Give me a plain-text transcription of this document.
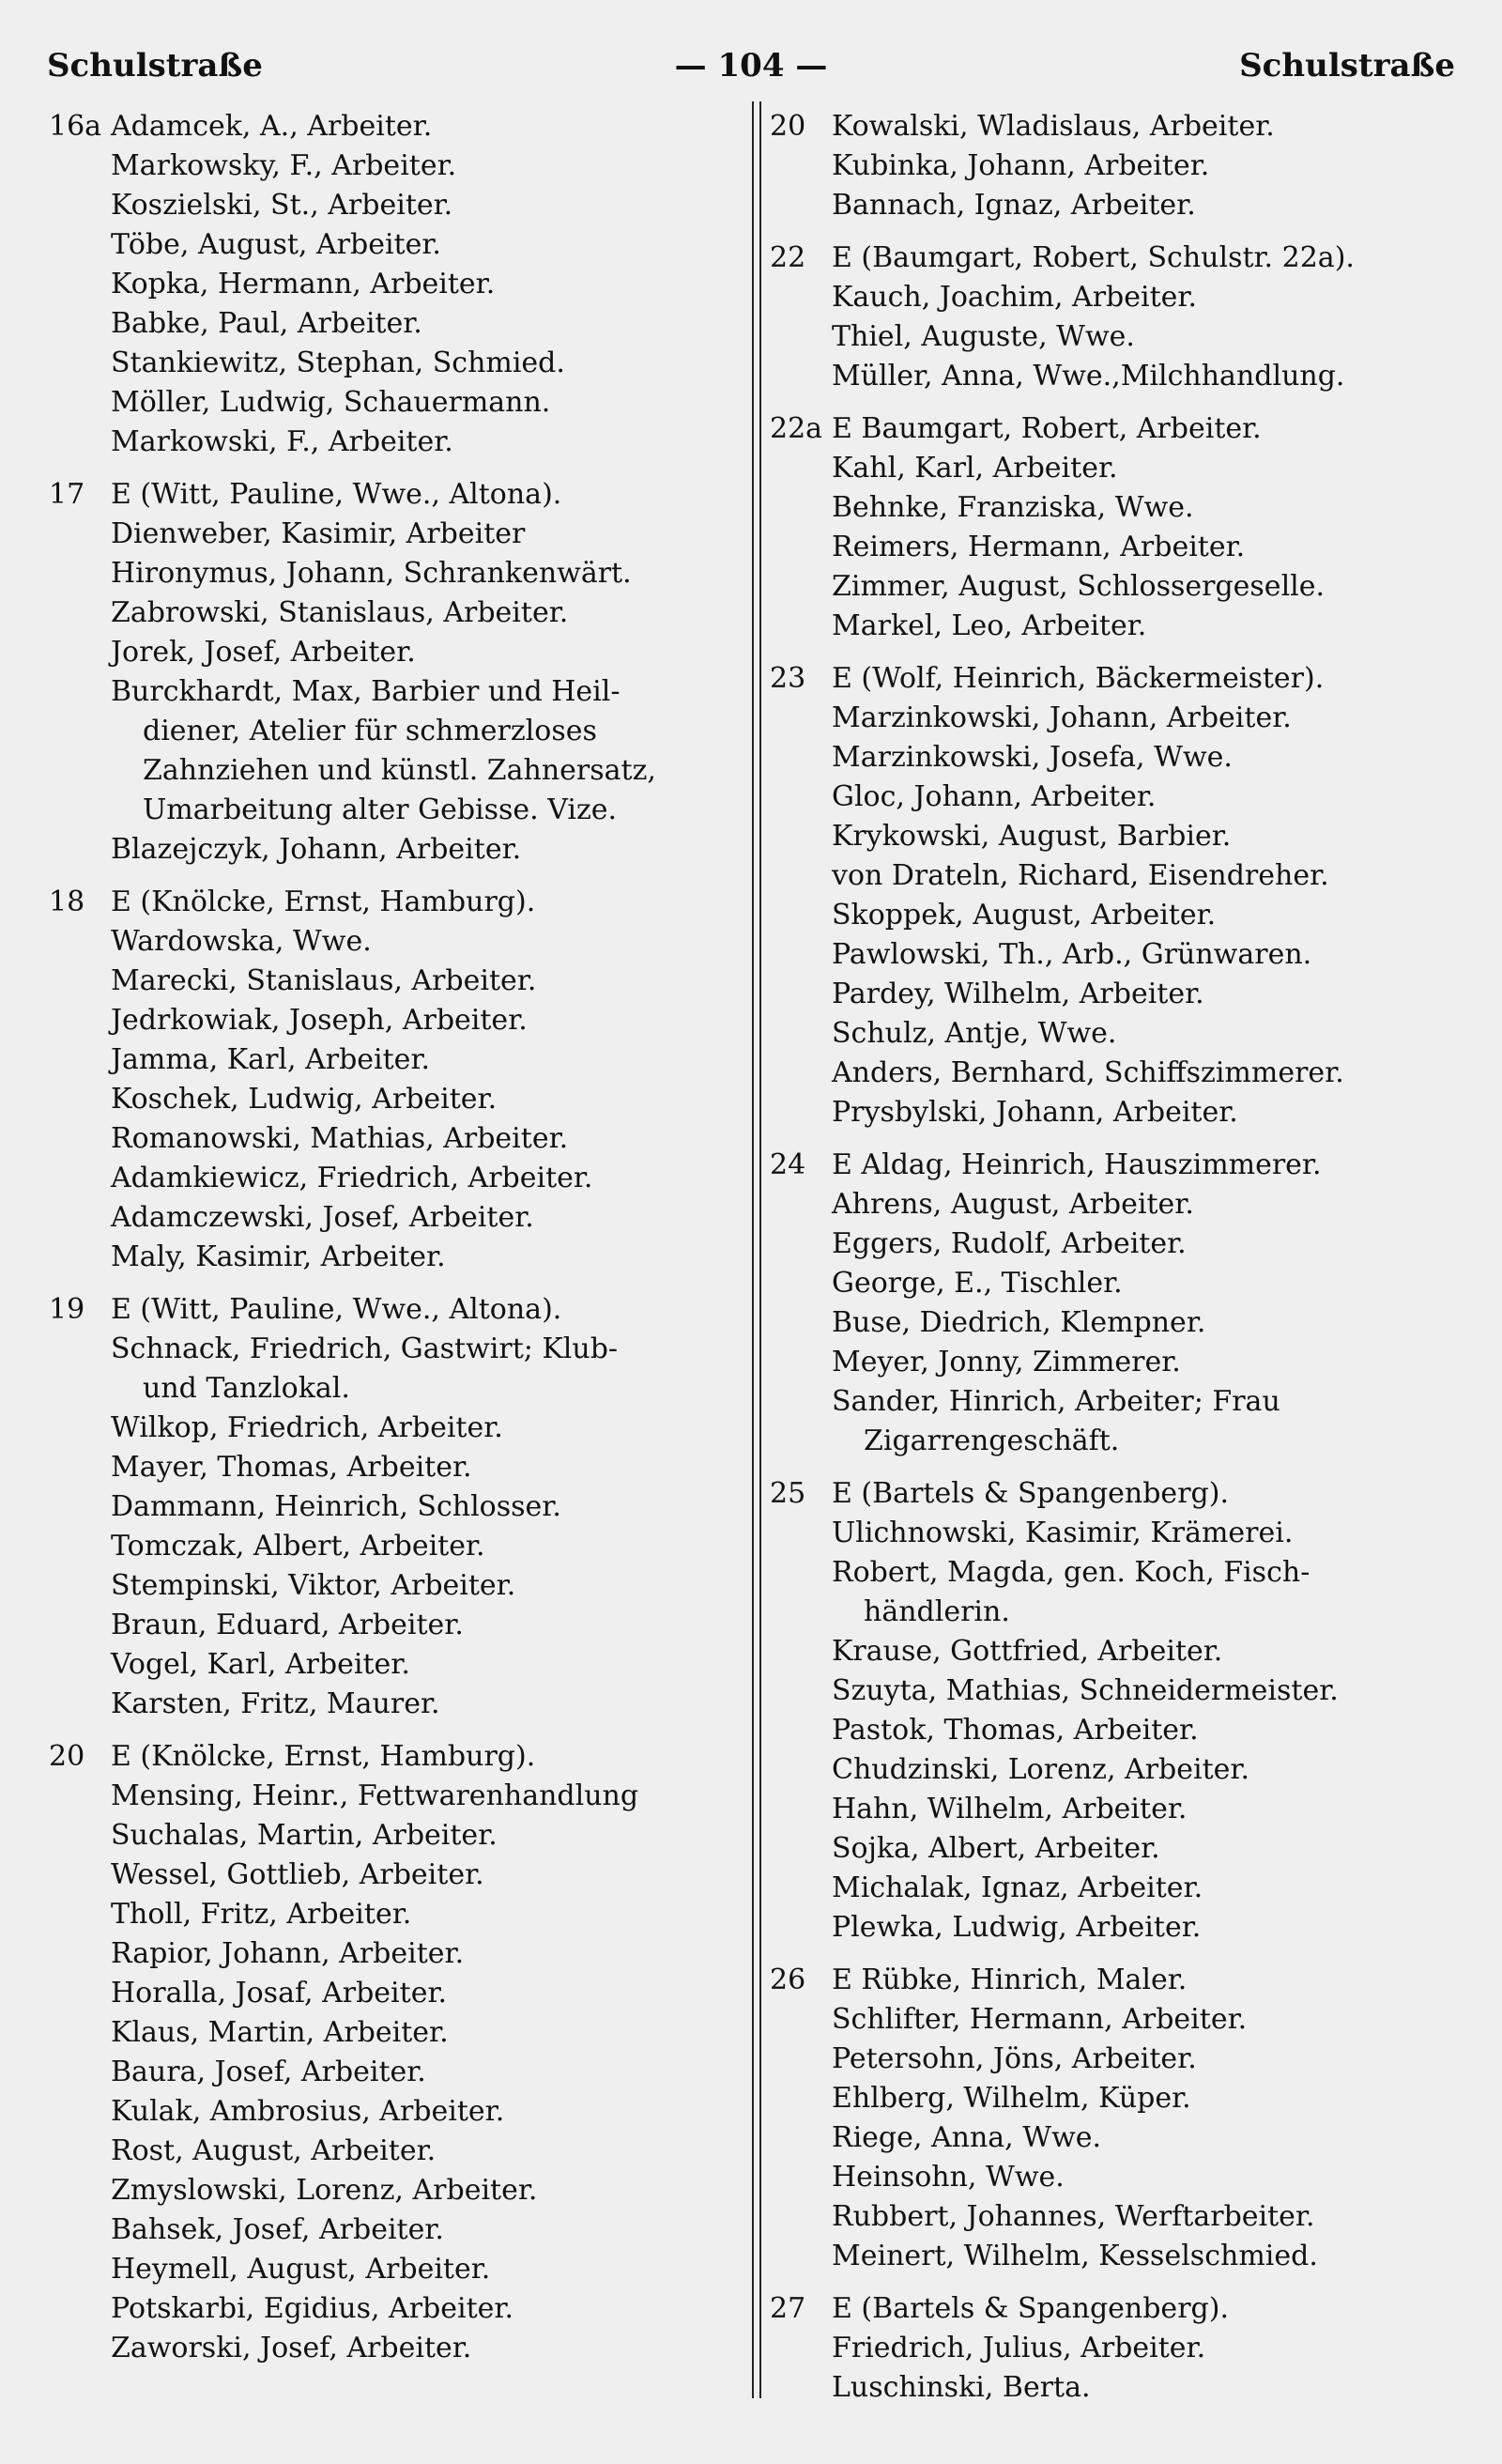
Schulstraße	— 104 —	Schulstraße
16a Adamcek, A., Arbeiter.
Markowsky, F., Arbeiter.
Koszielski, St., Arbeiter.
Töbe, August, Arbeiter.
Kopka, Hermann, Arbeiter.
Babke, Paul, Arbeiter.
Stankiewitz, Stephan, Schmied.
Möller, Ludwig, Schauermann.
Markowski, F., Arbeiter.
17 E (Witt, Pauline, Wwe., Altona).
Dienweber, Kasimir, Arbeiter
Hironymus, Johann, Schrankenwärt.
Zabrowski, Stanislaus, Arbeiter.
Jorek, Josef, Arbeiter.
Burckhardt, Max, Barbier und Heil-
diener, Atelier für schmerzloses
Zahnziehen und künstl. Zahnersatz,
Umarbeitung alter Gebisse. Vize.
Blazejczyk, Johann, Arbeiter.
18 E (Knölcke, Ernst, Hamburg).
Wardowska, Wwe.
Marecki, Stanislaus, Arbeiter.
Jedrkowiak, Joseph, Arbeiter.
Jamma, Karl, Arbeiter.
Koschek, Ludwig, Arbeiter.
Romanowski, Mathias, Arbeiter.
Adamkiewicz, Friedrich, Arbeiter.
Adamczewski, Josef, Arbeiter.
Maly, Kasimir, Arbeiter.
19 E (Witt, Pauline, Wwe., Altona).
Schnack, Friedrich, Gastwirt; Klub-
und Tanzlokal.
Wilkop, Friedrich, Arbeiter.
Mayer, Thomas, Arbeiter.
Dammann, Heinrich, Schlosser.
Tomczak, Albert, Arbeiter.
Stempinski, Viktor, Arbeiter.
Braun, Eduard, Arbeiter.
Vogel, Karl, Arbeiter.
Karsten, Fritz, Maurer.
20 E (Knölcke, Ernst, Hamburg).
Mensing, Heinr., Fettwarenhandlung
Suchalas, Martin, Arbeiter.
Wessel, Gottlieb, Arbeiter.
Tholl, Fritz, Arbeiter.
Rapior, Johann, Arbeiter.
Horalla, Josaf, Arbeiter.
Klaus, Martin, Arbeiter.
Baura, Josef, Arbeiter.
Kulak, Ambrosius, Arbeiter.
Rost, August, Arbeiter.
Zmyslowski, Lorenz, Arbeiter.
Bahsek, Josef, Arbeiter.
Heymell, August, Arbeiter.
Potskarbi, Egidius, Arbeiter.
Zaworski, Josef, Arbeiter.
20 Kowalski, Wladislaus, Arbeiter.
Kubinka, Johann, Arbeiter.
Bannach, Ignaz, Arbeiter.
22 E (Baumgart, Robert, Schulstr. 22a).
Kauch, Joachim, Arbeiter.
Thiel, Auguste, Wwe.
Müller, Anna, Wwe.,Milchhandlung.
22a E Baumgart, Robert, Arbeiter.
Kahl, Karl, Arbeiter.
Behnke, Franziska, Wwe.
Reimers, Hermann, Arbeiter.
Zimmer, August, Schlossergeselle.
Markel, Leo, Arbeiter.
23 E (Wolf, Heinrich, Bäckermeister).
Marzinkowski, Johann, Arbeiter.
Marzinkowski, Josefa, Wwe.
Gloc, Johann, Arbeiter.
Krykowski, August, Barbier.
von Drateln, Richard, Eisendreher.
Skoppek, August, Arbeiter.
Pawlowski, Th., Arb., Grünwaren.
Pardey, Wilhelm, Arbeiter.
Schulz, Antje, Wwe.
Anders, Bernhard, Schiffszimmerer.
Prysbylski, Johann, Arbeiter.
24 E Aldag, Heinrich, Hauszimmerer.
Ahrens, August, Arbeiter.
Eggers, Rudolf, Arbeiter.
George, E., Tischler.
Buse, Diedrich, Klempner.
Meyer, Jonny, Zimmerer.
Sander, Hinrich, Arbeiter; Frau
Zigarrengeschäft.
25 E (Bartels & Spangenberg).
Ulichnowski, Kasimir, Krämerei.
Robert, Magda, gen. Koch, Fisch-
händlerin.
Krause, Gottfried, Arbeiter.
Szuyta, Mathias, Schneidermeister.
Pastok, Thomas, Arbeiter.
Chudzinski, Lorenz, Arbeiter.
Hahn, Wilhelm, Arbeiter.
Sojka, Albert, Arbeiter.
Michalak, Ignaz, Arbeiter.
Plewka, Ludwig, Arbeiter.
26 E Rübke, Hinrich, Maler.
Schlifter, Hermann, Arbeiter.
Petersohn, Jöns, Arbeiter.
Ehlberg, Wilhelm, Küper.
Riege, Anna, Wwe.
Heinsohn, Wwe.
Rubbert, Johannes, Werftarbeiter.
Meinert, Wilhelm, Kesselschmied.
27 E (Bartels & Spangenberg).
Friedrich, Julius, Arbeiter.
Luschinski, Berta.
